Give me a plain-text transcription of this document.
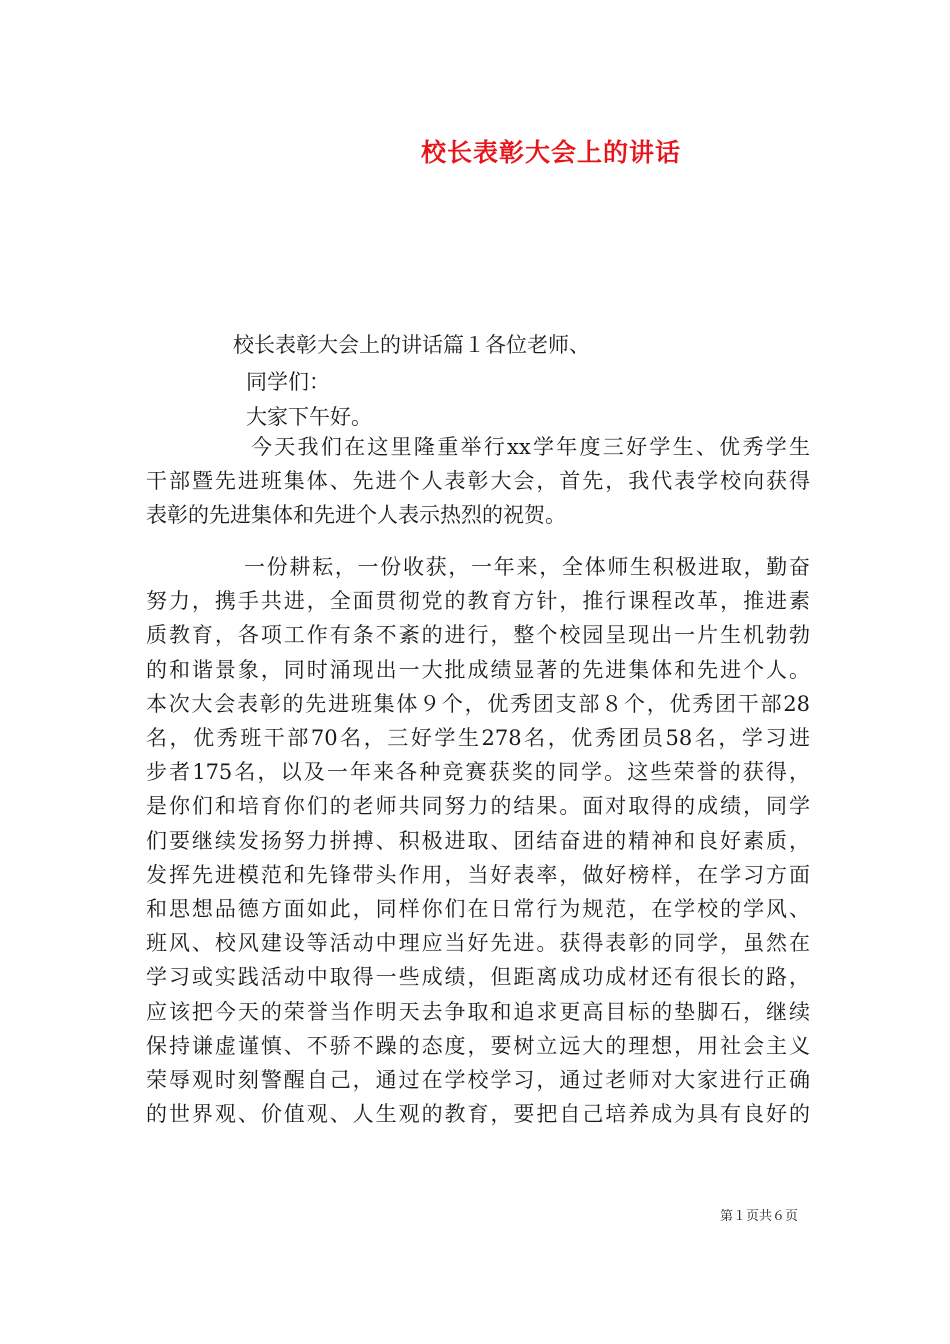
校长表彰大会上的讲话
校长表彰大会上的讲话篇１各位老师、
同学们：
大家下午好。
今天我们在这里隆重举行xx学年度三好学生、优秀学生
干部暨先进班集体、先进个人表彰大会，首先，我代表学校向获得
表彰的先进集体和先进个人表示热烈的祝贺。
一份耕耘，一份收获，一年来，全体师生积极进取，勤奋
努力，携手共进，全面贯彻党的教育方针，推行课程改革，推进素
质教育，各项工作有条不紊的进行，整个校园呈现出一片生机勃勃
的和谐景象，同时涌现出一大批成绩显著的先进集体和先进个人。
本次大会表彰的先进班集体９个，优秀团支部８个，优秀团干部28
名，优秀班干部70名，三好学生278名，优秀团员58名，学习进
步者175名，以及一年来各种竞赛获奖的同学。这些荣誉的获得，
是你们和培育你们的老师共同努力的结果。面对取得的成绩，同学
们要继续发扬努力拼搏、积极进取、团结奋进的精神和良好素质，
发挥先进模范和先锋带头作用，当好表率，做好榜样，在学习方面
和思想品德方面如此，同样你们在日常行为规范，在学校的学风、
班风、校风建设等活动中理应当好先进。获得表彰的同学，虽然在
学习或实践活动中取得一些成绩，但距离成功成材还有很长的路，
应该把今天的荣誉当作明天去争取和追求更高目标的垫脚石，继续
保持谦虚谨慎、不骄不躁的态度，要树立远大的理想，用社会主义
荣辱观时刻警醒自己，通过在学校学习，通过老师对大家进行正确
的世界观、价值观、人生观的教育，要把自己培养成为具有良好的
第１页共６页
